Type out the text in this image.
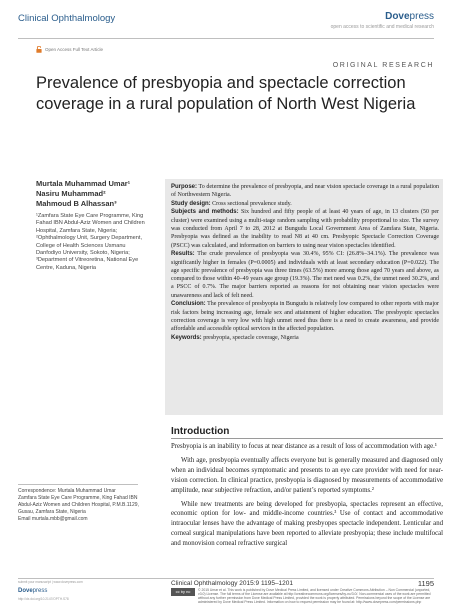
Clinical Ophthalmology	Dovepress
open access to scientific and medical research
Open Access Full Text Article
ORIGINAL RESEARCH
Prevalence of presbyopia and spectacle correction coverage in a rural population of North West Nigeria
Murtala Muhammad Umar¹
Nasiru Muhammad²
Mahmoud B Alhassan³
¹Zamfara State Eye Care Programme, King Fahad IBN Abdul-Aziz Women and Children Hospital, Zamfara State, Nigeria; ²Ophthalmology Unit, Surgery Department, College of Health Sciences Usmanu Danfodiyo University, Sokoto, Nigeria; ³Department of Vitreoretina, National Eye Centre, Kaduna, Nigeria

Purpose: To determine the prevalence of presbyopia, and near vision spectacle coverage in a rural population of Northwestern Nigeria.

Study design: Cross sectional prevalence study.

Subjects and methods: Six hundred and fifty people of at least 40 years of age, in 13 clusters (50 per cluster) were examined using a multi-stage random sampling with probability proportional to size. The survey was conducted from April 7 to 28, 2012 at Bungudu Local Government Area of Zamfara State, Nigeria. Presbyopia was defined as the inability to read N8 at 40 cm. Presbyopic Spectacle Correction Coverage (PSCC) was calculated, and information on barriers to using near vision spectacles identified.

Results: The crude prevalence of presbyopia was 30.4%, 95% CI: (26.8%–34.1%). The prevalence was significantly higher in females (P=0.0005) and individuals with at least secondary education (P=0.022). The age specific prevalence of presbyopia was three times (63.5%) more among those aged 70 years and above, as compared to those within 40–49 years age group (19.3%). The met need was 0.2%, the unmet need 30.2%, and a PSCC of 0.7%. The major barriers reported as reasons for not obtaining near vision spectacles were unawareness and lack of felt need.

Conclusion: The prevalence of presbyopia in Bungudu is relatively low compared to other reports with major risk factors being increasing age, female sex and attainment of higher education. The presbyopic spectacles correction coverage is very low with high unmet need thus there is a need to create awareness, and provide affordable and accessible optical services in the affected population.

Keywords: presbyopia, spectacle coverage, Nigeria

Introduction

Presbyopia is an inability to focus at near distance as a result of loss of accommodation with age.¹

With age, presbyopia eventually affects everyone but is generally measured and diagnosed only when an individual becomes symptomatic and presents to an eye care provider with need for near-vision correction. In clinical practice, presbyopia is diagnosed by measurements of accommodative amplitude, near subjective refraction, and/or patient’s reported symptoms.²

While new treatments are being developed for presbyopia, spectacles represent an effective, economic option for low- and middle-income countries.³ Use of contact and accommodative intraocular lenses have the advantage of making presbyopes spectacle independent. Lenticular and corneal surgical manipulations have been reported to alleviate presbyopia; these include multifocal and monovision corneal refractive surgical

Correspondence: Murtala Muhammad Umar
Zamfara State Eye Care Programme, King Fahad IBN Abdul-Aziz Women and Children Hospital, P.M.B.1129, Gusau, Zamfara State, Nigeria
Email murtala.mbb@gmail.com
submit your manuscript | www.dovepress.com
Dovepress
http://dx.doi.org/10.2147/OPTH.S78
Clinical Ophthalmology 2015:9 1195–1201	1195
cc by nc	© 2015 Umar et al. This work is published by Dove Medical Press Limited, and licensed under Creative Commons Attribution – Non Commercial (unported, v3.0) License. The full terms of the License are available at http://creativecommons.org/licenses/by-nc/3.0/. Non-commercial uses of the work are permitted without any further permission from Dove Medical Press Limited, provided the work is properly attributed. Permissions beyond the scope of the License are administered by Dove Medical Press Limited. Information on how to request permission may be found at: http://www.dovepress.com/permissions.php
